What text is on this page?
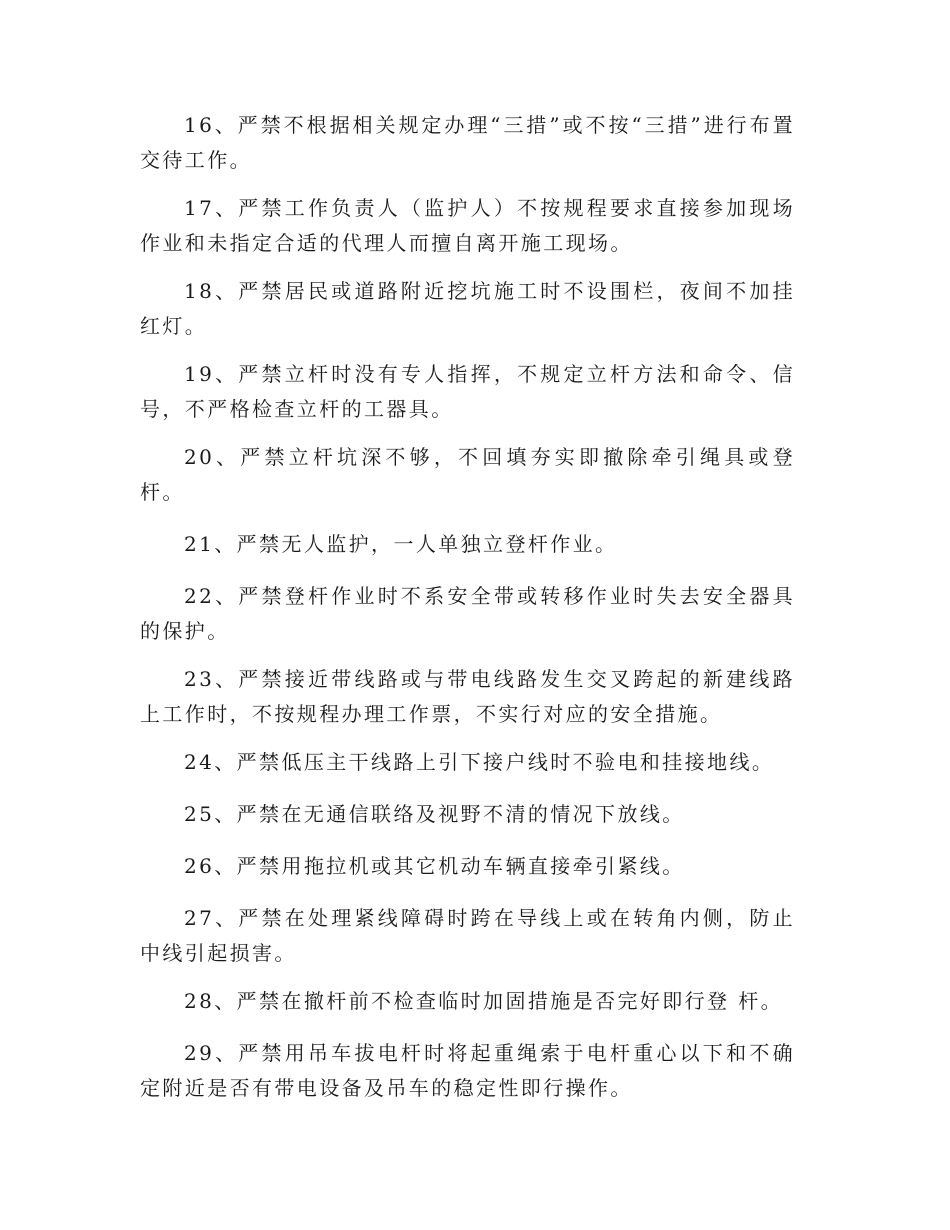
16、严禁不根据相关规定办理“三措”或不按“三措”进行布置交待工作。

17、严禁工作负责人（监护人）不按规程要求直接参加现场作业和未指定合适的代理人而擅自离开施工现场。

18、严禁居民或道路附近挖坑施工时不设围栏，夜间不加挂红灯。

19、严禁立杆时没有专人指挥，不规定立杆方法和命令、信号，不严格检查立杆的工器具。

20、严禁立杆坑深不够，不回填夯实即撤除牵引绳具或登杆。

21、严禁无人监护，一人单独立登杆作业。

22、严禁登杆作业时不系安全带或转移作业时失去安全器具的保护。

23、严禁接近带线路或与带电线路发生交叉跨起的新建线路上工作时，不按规程办理工作票，不实行对应的安全措施。

24、严禁低压主干线路上引下接户线时不验电和挂接地线。

25、严禁在无通信联络及视野不清的情况下放线。

26、严禁用拖拉机或其它机动车辆直接牵引紧线。

27、严禁在处理紧线障碍时跨在导线上或在转角内侧，防止中线引起损害。

28、严禁在撤杆前不检查临时加固措施是否完好即行登 杆。

29、严禁用吊车拔电杆时将起重绳索于电杆重心以下和不确定附近是否有带电设备及吊车的稳定性即行操作。
